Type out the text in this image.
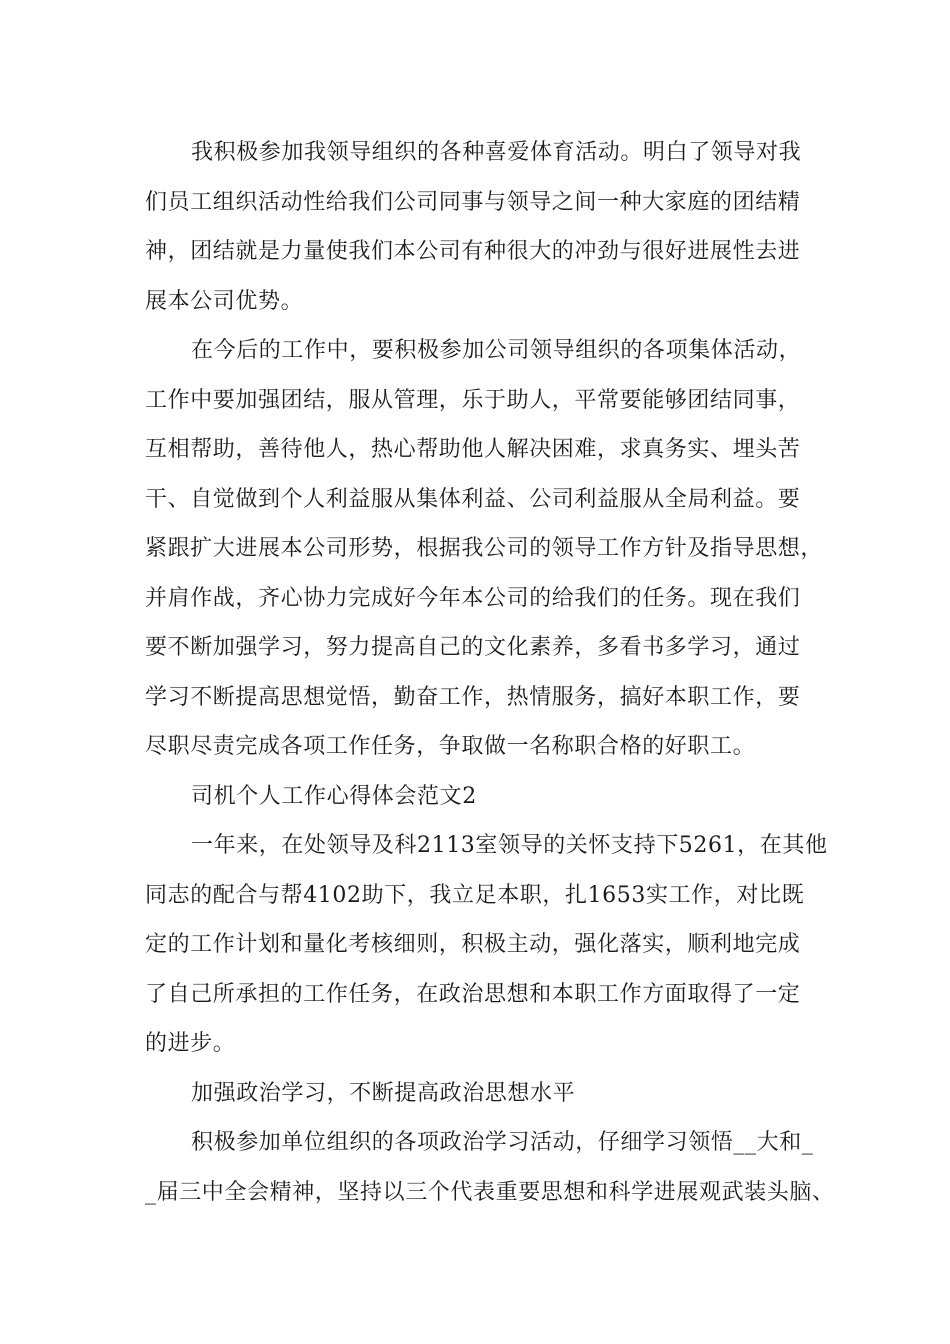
我积极参加我领导组织的各种喜爱体育活动。明白了领导对我
们员工组织活动性给我们公司同事与领导之间一种大家庭的团结精
神，团结就是力量使我们本公司有种很大的冲劲与很好进展性去进
展本公司优势。

在今后的工作中，要积极参加公司领导组织的各项集体活动，
工作中要加强团结，服从管理，乐于助人，平常要能够团结同事，
互相帮助，善待他人，热心帮助他人解决困难，求真务实、埋头苦
干、自觉做到个人利益服从集体利益、公司利益服从全局利益。要
紧跟扩大进展本公司形势，根据我公司的领导工作方针及指导思想，
并肩作战，齐心协力完成好今年本公司的给我们的任务。现在我们
要不断加强学习，努力提高自己的文化素养，多看书多学习，通过
学习不断提高思想觉悟，勤奋工作，热情服务，搞好本职工作，要
尽职尽责完成各项工作任务，争取做一名称职合格的好职工。

司机个人工作心得体会范文2

一年来，在处领导及科2113室领导的关怀支持下5261，在其他
同志的配合与帮4102助下，我立足本职，扎1653实工作，对比既
定的工作计划和量化考核细则，积极主动，强化落实，顺利地完成
了自己所承担的工作任务，在政治思想和本职工作方面取得了一定
的进步。

加强政治学习，不断提高政治思想水平

积极参加单位组织的各项政治学习活动，仔细学习领悟__大和_
_届三中全会精神，坚持以三个代表重要思想和科学进展观武装头脑、
